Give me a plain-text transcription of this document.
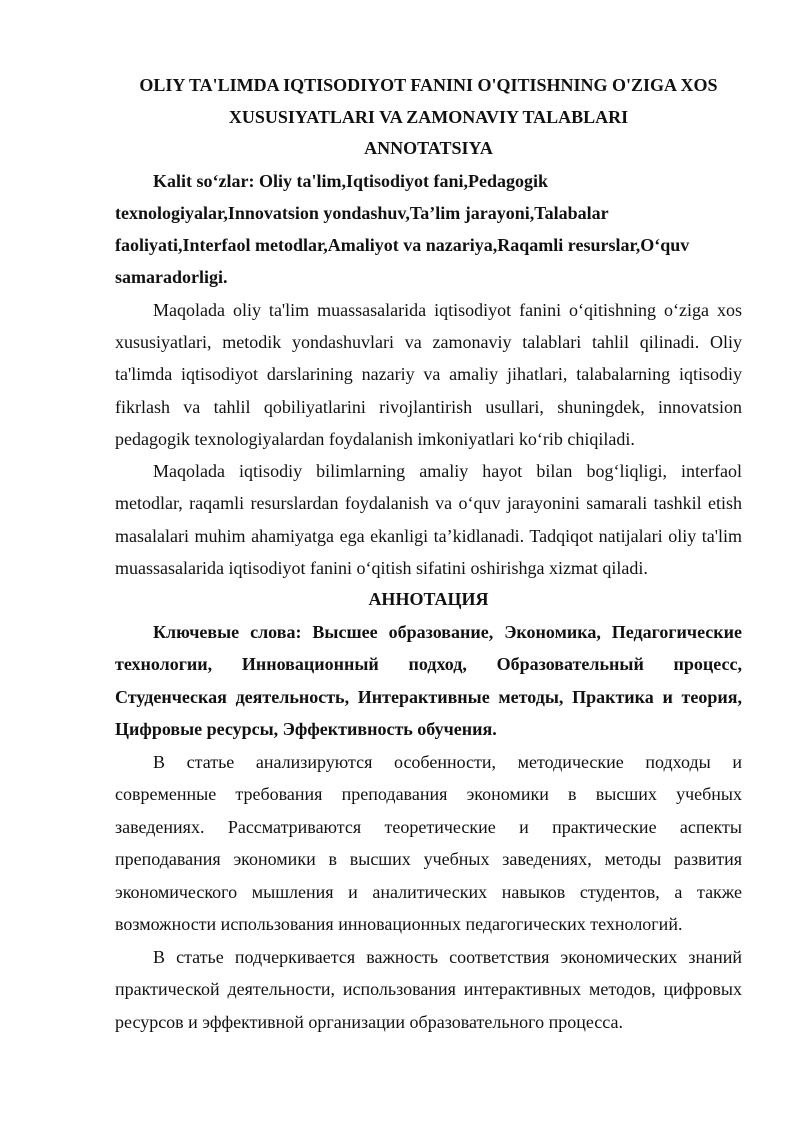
OLIY TA'LIMDA IQTISODIYOT FANINI O'QITISHNING O'ZIGA XOS
XUSUSIYATLARI VA ZAMONAVIY TALABLARI

ANNOTATSIYA

Kalit so‘zlar: Oliy ta'lim,Iqtisodiyot fani,Pedagogik texnologiyalar,Innovatsion yondashuv,Ta’lim jarayoni,Talabalar faoliyati,Interfaol metodlar,Amaliyot va nazariya,Raqamli resurslar,O‘quv samaradorligi.

Maqolada oliy ta'lim muassasalarida iqtisodiyot fanini o‘qitishning o‘ziga xos xususiyatlari, metodik yondashuvlari va zamonaviy talablari tahlil qilinadi. Oliy ta'limda iqtisodiyot darslarining nazariy va amaliy jihatlari, talabalarning iqtisodiy fikrlash va tahlil qobiliyatlarini rivojlantirish usullari, shuningdek, innovatsion pedagogik texnologiyalardan foydalanish imkoniyatlari ko‘rib chiqiladi.

Maqolada iqtisodiy bilimlarning amaliy hayot bilan bog‘liqligi, interfaol metodlar, raqamli resurslardan foydalanish va o‘quv jarayonini samarali tashkil etish masalalari muhim ahamiyatga ega ekanligi ta’kidlanadi. Tadqiqot natijalari oliy ta'lim muassasalarida iqtisodiyot fanini o‘qitish sifatini oshirishga xizmat qiladi.

АННОТАЦИЯ

Ключевые слова: Высшее образование, Экономика, Педагогические технологии, Инновационный подход, Образовательный процесс, Студенческая деятельность, Интерактивные методы, Практика и теория, Цифровые ресурсы, Эффективность обучения.

В статье анализируются особенности, методические подходы и современные требования преподавания экономики в высших учебных заведениях. Рассматриваются теоретические и практические аспекты преподавания экономики в высших учебных заведениях, методы развития экономического мышления и аналитических навыков студентов, а также возможности использования инновационных педагогических технологий.

В статье подчеркивается важность соответствия экономических знаний практической деятельности, использования интерактивных методов, цифровых ресурсов и эффективной организации образовательного процесса.
